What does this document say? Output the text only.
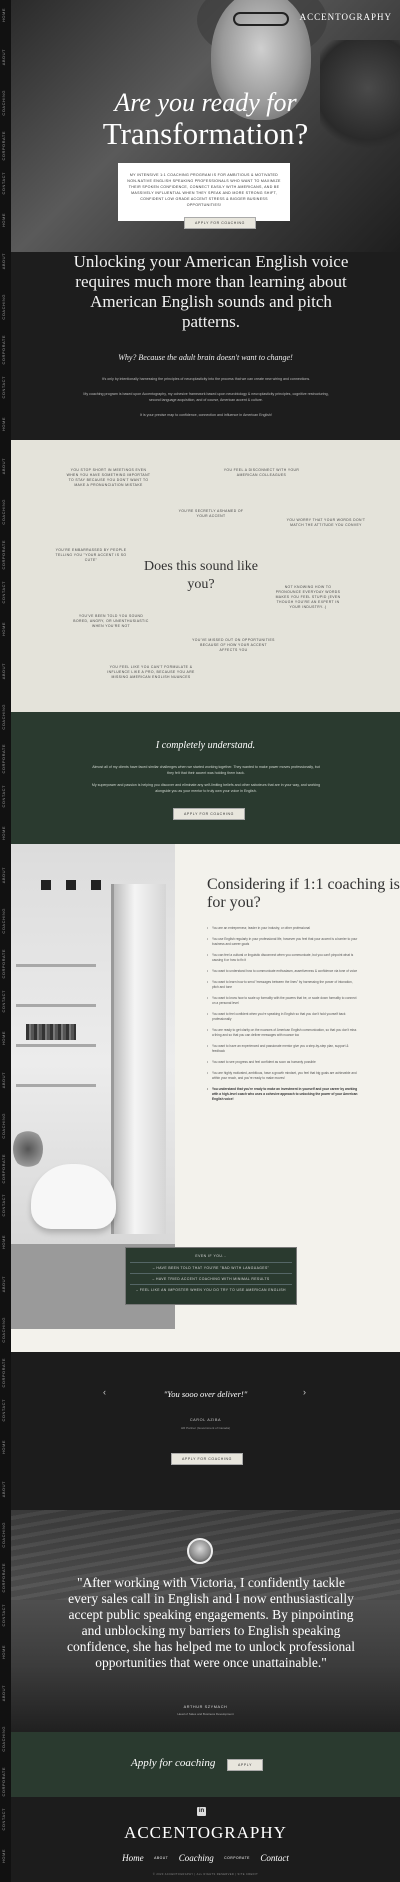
HOME
ABOUT
COACHING
CORPORATE
CONTACT
HOME
ABOUT
COACHING
CORPORATE
CONTACT
HOME
ABOUT
COACHING
CORPORATE
CONTACT
HOME
ABOUT
COACHING
CORPORATE
CONTACT
HOME
ABOUT
COACHING
CORPORATE
CONTACT
HOME
ABOUT
COACHING
CORPORATE
CONTACT
HOME
ABOUT
COACHING
CORPORATE
CONTACT
HOME
ABOUT
COACHING
CORPORATE
CONTACT
HOME
ABOUT
COACHING
CORPORATE
CONTACT
HOME
ACCENTOGRAPHY
Are you ready for
Transformation?
MY INTENSIVE 1:1 COACHING PROGRAM IS FOR AMBITIOUS & MOTIVATED NON-NATIVE ENGLISH SPEAKING PROFESSIONALS WHO WANT TO MAXIMIZE THEIR SPOKEN CONFIDENCE, CONNECT EASILY WITH AMERICANS, AND BE MASSIVELY INFLUENTIAL WHEN THEY SPEAK AND MORE STRONG SHIFT, CONFIDENT LOW GRADE ACCENT STRESS & BIGGER BUSINESS OPPORTUNITIES!
APPLY FOR COACHING
Unlocking your American English voice requires much more than learning about American English sounds and pitch patterns.
Why? Because the adult brain doesn't want to change!

It's only by intentionally harnessing the principles of neuroplasticity into the process that we can create new wiring and connections.

My coaching program is based upon Accentography, my cohesive framework based upon neurobiology & neuroplasticity principles, cognitive restructuring, second language acquisition, and of course, American accent & culture.

It is your precise map to confidence, connection and influence in American English!

YOU STOP SHORT IN MEETINGS EVEN WHEN YOU HAVE SOMETHING IMPORTANT TO STAY BECAUSE YOU DON'T WANT TO MAKE A PRONUNCIATION MISTAKE
YOU FEEL A DISCONNECT WITH YOUR AMERICAN COLLEAGUES
YOU'RE SECRETLY ASHAMED OF YOUR ACCENT
YOU WORRY THAT YOUR WORDS DON'T MATCH THE ATTITUDE YOU CONVEY
YOU'RE EMBARRASSED BY PEOPLE TELLING YOU "YOUR ACCENT IS SO CUTE"
NOT KNOWING HOW TO PRONOUNCE EVERYDAY WORDS MAKES YOU FEEL STUPID (EVEN THOUGH YOU'RE AN EXPERT IN YOUR INDUSTRY..)
YOU'VE BEEN TOLD YOU SOUND BORED, ANGRY, OR UNENTHUSIASTIC WHEN YOU'RE NOT
YOU'VE MISSED OUT ON OPPORTUNITIES BECAUSE OF HOW YOUR ACCENT AFFECTS YOU
YOU FEEL LIKE YOU CAN'T FORMULATE & INFLUENCE LIKE A PRO, BECAUSE YOU ARE MISSING AMERICAN ENGLISH NUANCES
Does this sound like you?
I completely understand.

Almost all of my clients have faced similar challenges when we started working together. They wanted to make power moves professionally, but they felt that their accent was holding them back.

My superpower and passion is helping you discover and eliminate any self-limiting beliefs and other saboteurs that are in your way, and working alongside you as your mentor to truly own your voice in English.

APPLY FOR COACHING
Considering if 1:1 coaching is for you?
• You are an entrepreneur, leader in your industry, or other professional
• You use English regularly in your professional life, however you feel that your accent is a barrier to your business and career goals
• You can feel a cultural or linguistic disconnect when you communicate, but you can't pinpoint what is causing it or how to fix it
• You want to understand how to communicate enthusiasm, assertiveness & confidence via tone of voice
• You want to learn how to send "messages between the lines" by harnessing the power of intonation, pitch and tone
• You want to know how to scale up formality with the powers that be, or scale down formality to connect on a personal level
• You want to feel confident when you're speaking in English so that you don't hold yourself back professionally
• You are ready to get clarity on the nuances of American English communication, so that you don't miss a thing and so that you can deliver messages with nuance too
• You want to have an experienced and passionate mentor give you a step-by-step plan, support & feedback
• You want to see progress and feel confident as soon as humanly possible
• You are highly motivated, ambitious, have a growth mindset, you feel that big goals are achievable and within your reach, and you're ready to make moves!
• You understand that you're ready to make an investment in yourself and your career by working with a high-level coach who uses a cohesive approach to unlocking the power of your American English voice!
EVEN IF YOU...
– HAVE BEEN TOLD THAT YOU'RE "BAD WITH LANGUAGES"
– HAVE TRIED ACCENT COACHING WITH MINIMAL RESULTS
– FEEL LIKE AN IMPOSTER WHEN YOU DO TRY TO USE AMERICAN ENGLISH
‹	›
"You sooo over deliver!"
CAROL AZIBA
HR Partner (Government of Canada)
APPLY FOR COACHING
"After working with Victoria, I confidently tackle every sales call in English and I now enthusiastically accept public speaking engagements. By pinpointing and unblocking my barriers to English speaking confidence, she has helped me to unlock professional opportunities that were once unattainable."
ARTHUR SZYMACH
Head of Sales and Business Development
Apply for coaching	APPLY
in
ACCENTOGRAPHY
Home	ABOUT Coaching	CORPORATE Contact
© 2023 ACCENTOGRAPHY | ALL RIGHTS RESERVED | SITE CREDIT
